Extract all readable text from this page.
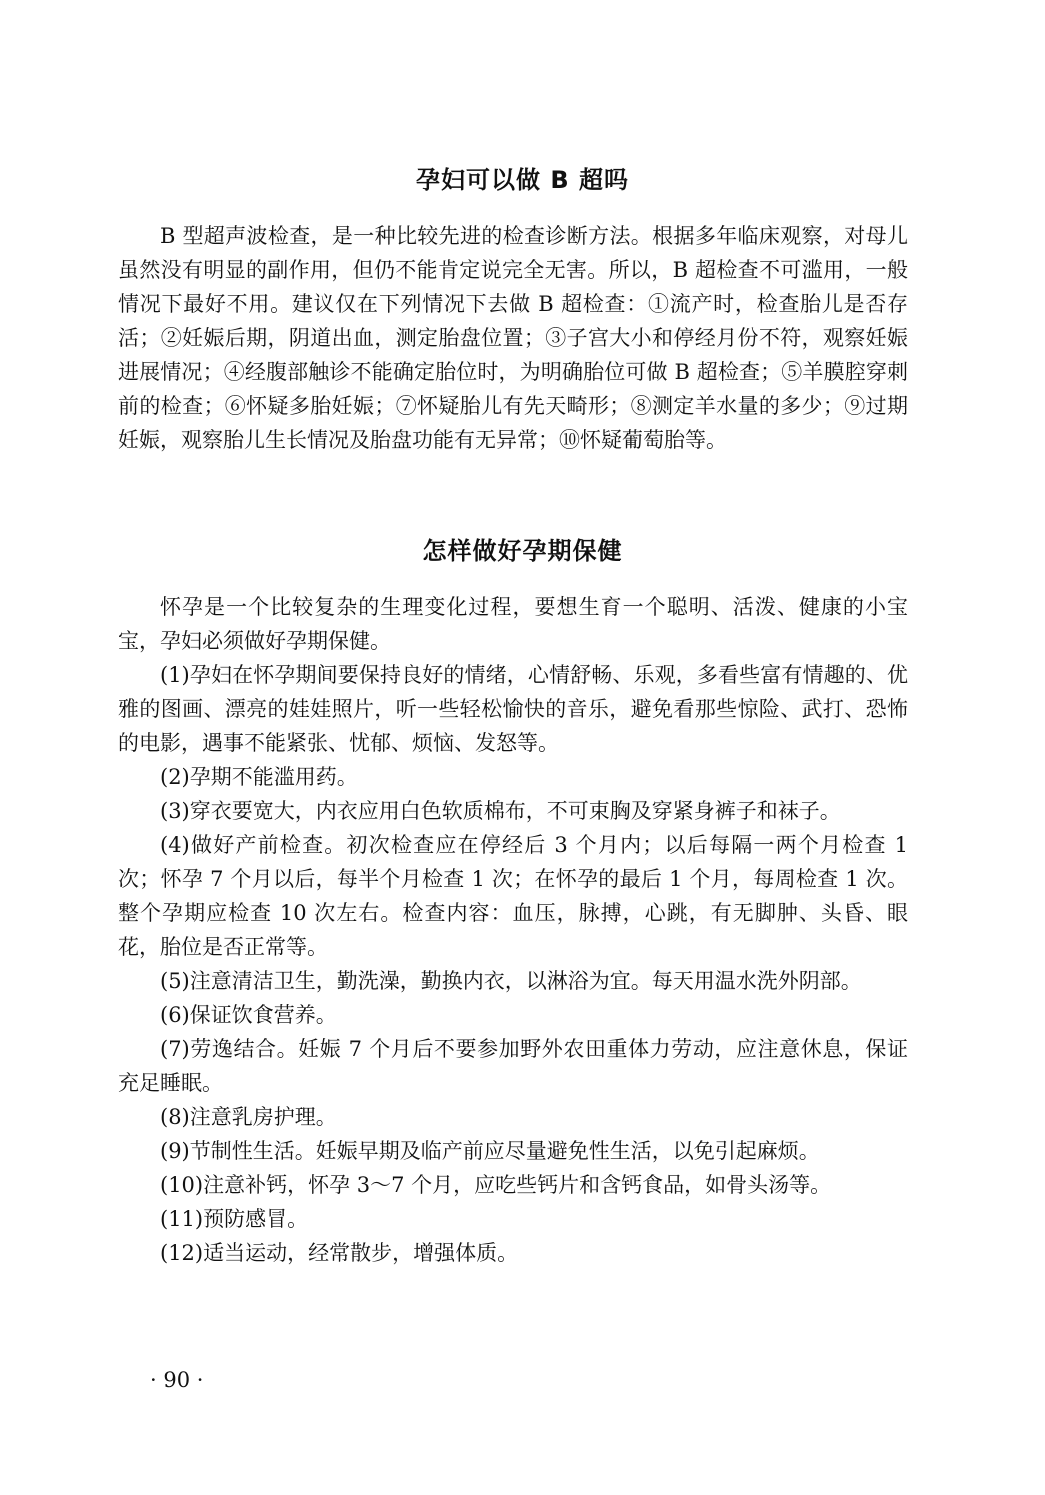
孕妇可以做 B 超吗

B 型超声波检查，是一种比较先进的检查诊断方法。根据多年临床观察，对母儿虽然没有明显的副作用，但仍不能肯定说完全无害。所以，B 超检查不可滥用，一般情况下最好不用。建议仅在下列情况下去做 B 超检查：①流产时，检查胎儿是否存活；②妊娠后期，阴道出血，测定胎盘位置；③子宫大小和停经月份不符，观察妊娠进展情况；④经腹部触诊不能确定胎位时，为明确胎位可做 B 超检查；⑤羊膜腔穿刺前的检查；⑥怀疑多胎妊娠；⑦怀疑胎儿有先天畸形；⑧测定羊水量的多少；⑨过期妊娠，观察胎儿生长情况及胎盘功能有无异常；⑩怀疑葡萄胎等。

怎样做好孕期保健

怀孕是一个比较复杂的生理变化过程，要想生育一个聪明、活泼、健康的小宝宝，孕妇必须做好孕期保健。

(1)孕妇在怀孕期间要保持良好的情绪，心情舒畅、乐观，多看些富有情趣的、优雅的图画、漂亮的娃娃照片，听一些轻松愉快的音乐，避免看那些惊险、武打、恐怖的电影，遇事不能紧张、忧郁、烦恼、发怒等。

(2)孕期不能滥用药。

(3)穿衣要宽大，内衣应用白色软质棉布，不可束胸及穿紧身裤子和袜子。

(4)做好产前检查。初次检查应在停经后 3 个月内；以后每隔一两个月检查 1 次；怀孕 7 个月以后，每半个月检查 1 次；在怀孕的最后 1 个月，每周检查 1 次。整个孕期应检查 10 次左右。检查内容：血压，脉搏，心跳，有无脚肿、头昏、眼花，胎位是否正常等。

(5)注意清洁卫生，勤洗澡，勤换内衣，以淋浴为宜。每天用温水洗外阴部。

(6)保证饮食营养。

(7)劳逸结合。妊娠 7 个月后不要参加野外农田重体力劳动，应注意休息，保证充足睡眠。

(8)注意乳房护理。

(9)节制性生活。妊娠早期及临产前应尽量避免性生活，以免引起麻烦。

(10)注意补钙，怀孕 3～7 个月，应吃些钙片和含钙食品，如骨头汤等。

(11)预防感冒。

(12)适当运动，经常散步，增强体质。

· 90 ·
